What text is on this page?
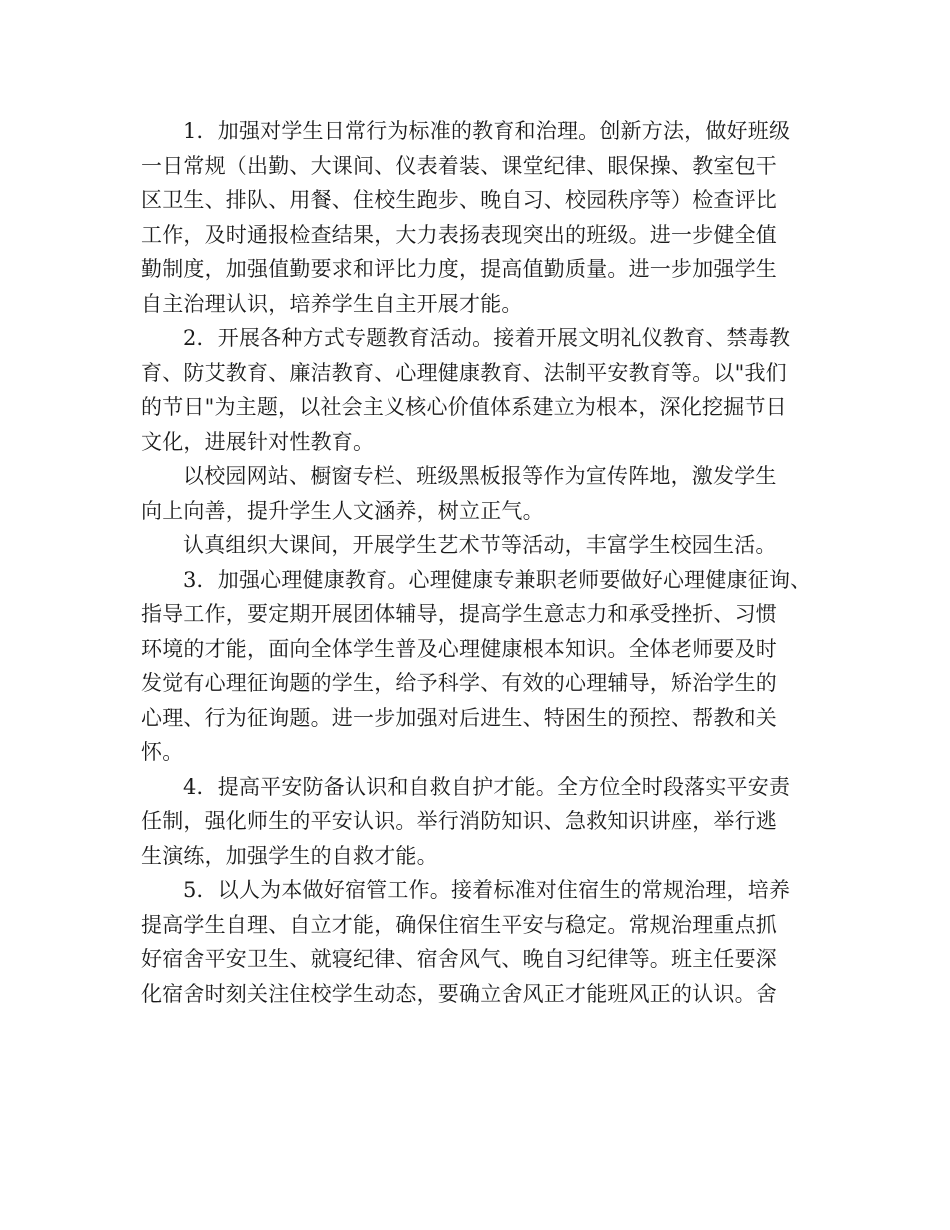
1．加强对学生日常行为标准的教育和治理。创新方法，做好班级
一日常规（出勤、大课间、仪表着装、课堂纪律、眼保操、教室包干
区卫生、排队、用餐、住校生跑步、晚自习、校园秩序等）检查评比
工作，及时通报检查结果，大力表扬表现突出的班级。进一步健全值
勤制度，加强值勤要求和评比力度，提高值勤质量。进一步加强学生
自主治理认识，培养学生自主开展才能。
2．开展各种方式专题教育活动。接着开展文明礼仪教育、禁毒教
育、防艾教育、廉洁教育、心理健康教育、法制平安教育等。以"我们
的节日"为主题，以社会主义核心价值体系建立为根本，深化挖掘节日
文化，进展针对性教育。
以校园网站、橱窗专栏、班级黑板报等作为宣传阵地，激发学生
向上向善，提升学生人文涵养，树立正气。
认真组织大课间，开展学生艺术节等活动，丰富学生校园生活。
3．加强心理健康教育。心理健康专兼职老师要做好心理健康征询、
指导工作，要定期开展团体辅导，提高学生意志力和承受挫折、习惯
环境的才能，面向全体学生普及心理健康根本知识。全体老师要及时
发觉有心理征询题的学生，给予科学、有效的心理辅导，矫治学生的
心理、行为征询题。进一步加强对后进生、特困生的预控、帮教和关
怀。
4．提高平安防备认识和自救自护才能。全方位全时段落实平安责
任制，强化师生的平安认识。举行消防知识、急救知识讲座，举行逃
生演练，加强学生的自救才能。
5．以人为本做好宿管工作。接着标准对住宿生的常规治理，培养
提高学生自理、自立才能，确保住宿生平安与稳定。常规治理重点抓
好宿舍平安卫生、就寝纪律、宿舍风气、晚自习纪律等。班主任要深
化宿舍时刻关注住校学生动态，要确立舍风正才能班风正的认识。舍
